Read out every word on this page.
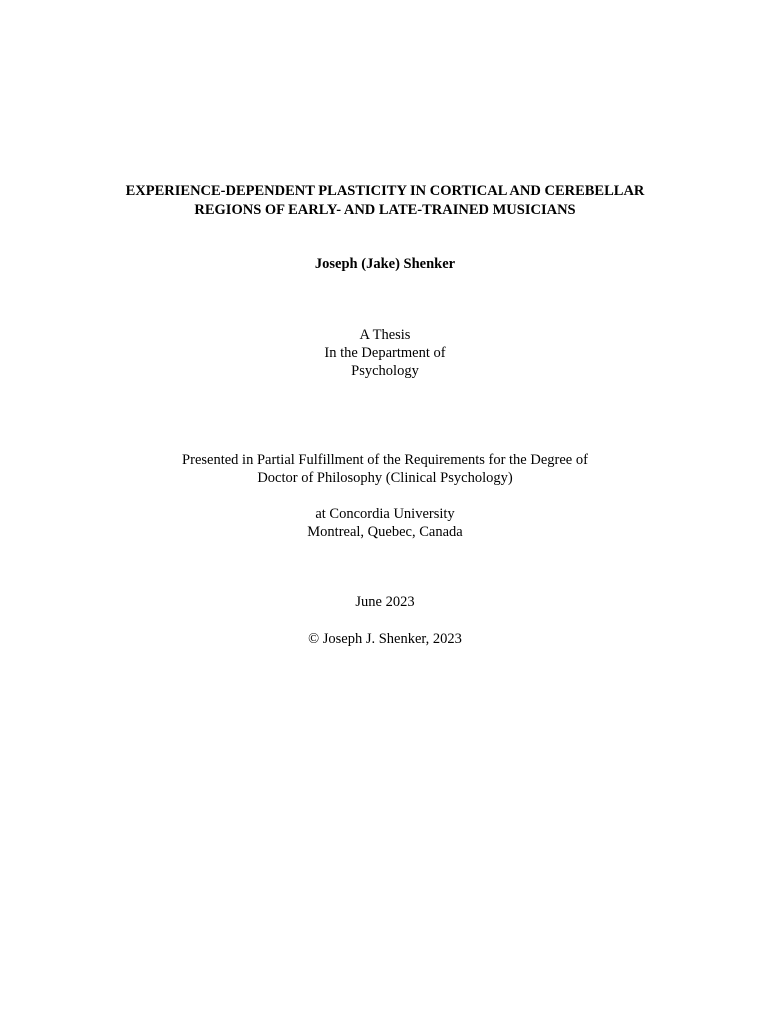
EXPERIENCE-DEPENDENT PLASTICITY IN CORTICAL AND CEREBELLAR
REGIONS OF EARLY- AND LATE-TRAINED MUSICIANS
Joseph (Jake) Shenker
A Thesis
In the Department of
Psychology
Presented in Partial Fulfillment of the Requirements for the Degree of
Doctor of Philosophy (Clinical Psychology)
at Concordia University
Montreal, Quebec, Canada
June 2023
© Joseph J. Shenker, 2023
